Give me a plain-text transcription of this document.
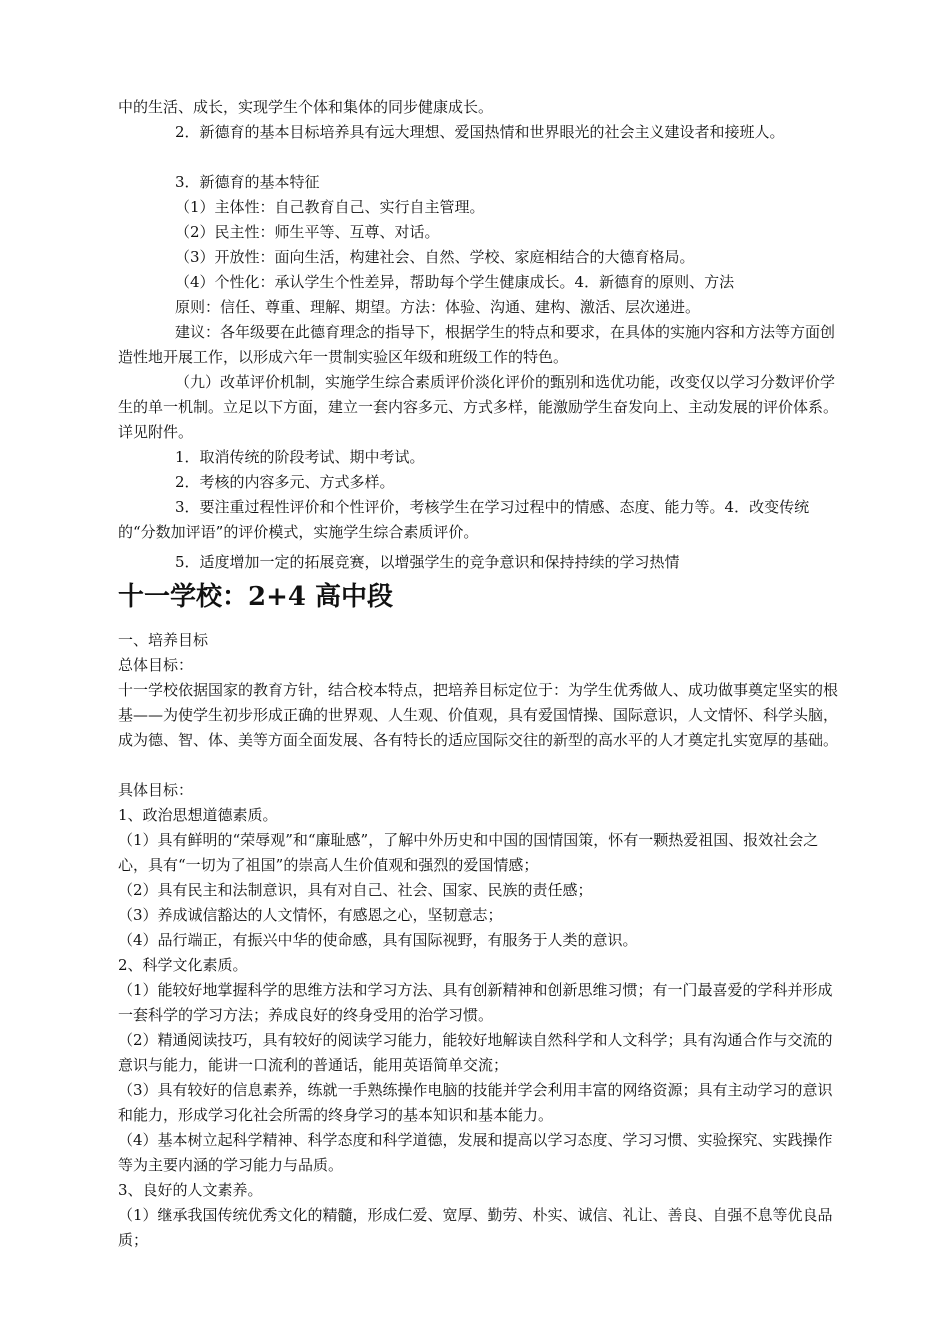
中的生活、成长，实现学生个体和集体的同步健康成长。

2．新德育的基本目标培养具有远大理想、爱国热情和世界眼光的社会主义建设者和接班人。

3．新德育的基本特征

（1）主体性：自己教育自己、实行自主管理。

（2）民主性：师生平等、互尊、对话。

（3）开放性：面向生活，构建社会、自然、学校、家庭相结合的大德育格局。

（4）个性化：承认学生个性差异，帮助每个学生健康成长。4．新德育的原则、方法

原则：信任、尊重、理解、期望。方法：体验、沟通、建构、激活、层次递进。

建议：各年级要在此德育理念的指导下，根据学生的特点和要求，在具体的实施内容和方法等方面创造性地开展工作，以形成六年一贯制实验区年级和班级工作的特色。

（九）改革评价机制，实施学生综合素质评价淡化评价的甄别和选优功能，改变仅以学习分数评价学生的单一机制。立足以下方面，建立一套内容多元、方式多样，能激励学生奋发向上、主动发展的评价体系。详见附件。

1．取消传统的阶段考试、期中考试。

2．考核的内容多元、方式多样。

3．要注重过程性评价和个性评价，考核学生在学习过程中的情感、态度、能力等。4．改变传统的“分数加评语”的评价模式，实施学生综合素质评价。

5．适度增加一定的拓展竞赛，以增强学生的竞争意识和保持持续的学习热情

十一学校：2+4 高中段

一、培养目标

总体目标：

十一学校依据国家的教育方针，结合校本特点，把培养目标定位于：为学生优秀做人、成功做事奠定坚实的根基——为使学生初步形成正确的世界观、人生观、价值观，具有爱国情操、国际意识，人文情怀、科学头脑，成为德、智、体、美等方面全面发展、各有特长的适应国际交往的新型的高水平的人才奠定扎实宽厚的基础。

具体目标：

1、政治思想道德素质。

（1）具有鲜明的“荣辱观”和“廉耻感”，了解中外历史和中国的国情国策，怀有一颗热爱祖国、报效社会之心，具有“一切为了祖国”的崇高人生价值观和强烈的爱国情感；

（2）具有民主和法制意识，具有对自己、社会、国家、民族的责任感；

（3）养成诚信豁达的人文情怀，有感恩之心，坚韧意志；

（4）品行端正，有振兴中华的使命感，具有国际视野，有服务于人类的意识。

2、科学文化素质。

（1）能较好地掌握科学的思维方法和学习方法、具有创新精神和创新思维习惯；有一门最喜爱的学科并形成一套科学的学习方法；养成良好的终身受用的治学习惯。

（2）精通阅读技巧，具有较好的阅读学习能力，能较好地解读自然科学和人文科学；具有沟通合作与交流的意识与能力，能讲一口流利的普通话，能用英语简单交流；

（3）具有较好的信息素养，练就一手熟练操作电脑的技能并学会利用丰富的网络资源；具有主动学习的意识和能力，形成学习化社会所需的终身学习的基本知识和基本能力。

（4）基本树立起科学精神、科学态度和科学道德，发展和提高以学习态度、学习习惯、实验探究、实践操作等为主要内涵的学习能力与品质。

3、良好的人文素养。

（1）继承我国传统优秀文化的精髓，形成仁爱、宽厚、勤劳、朴实、诚信、礼让、善良、自强不息等优良品质；
